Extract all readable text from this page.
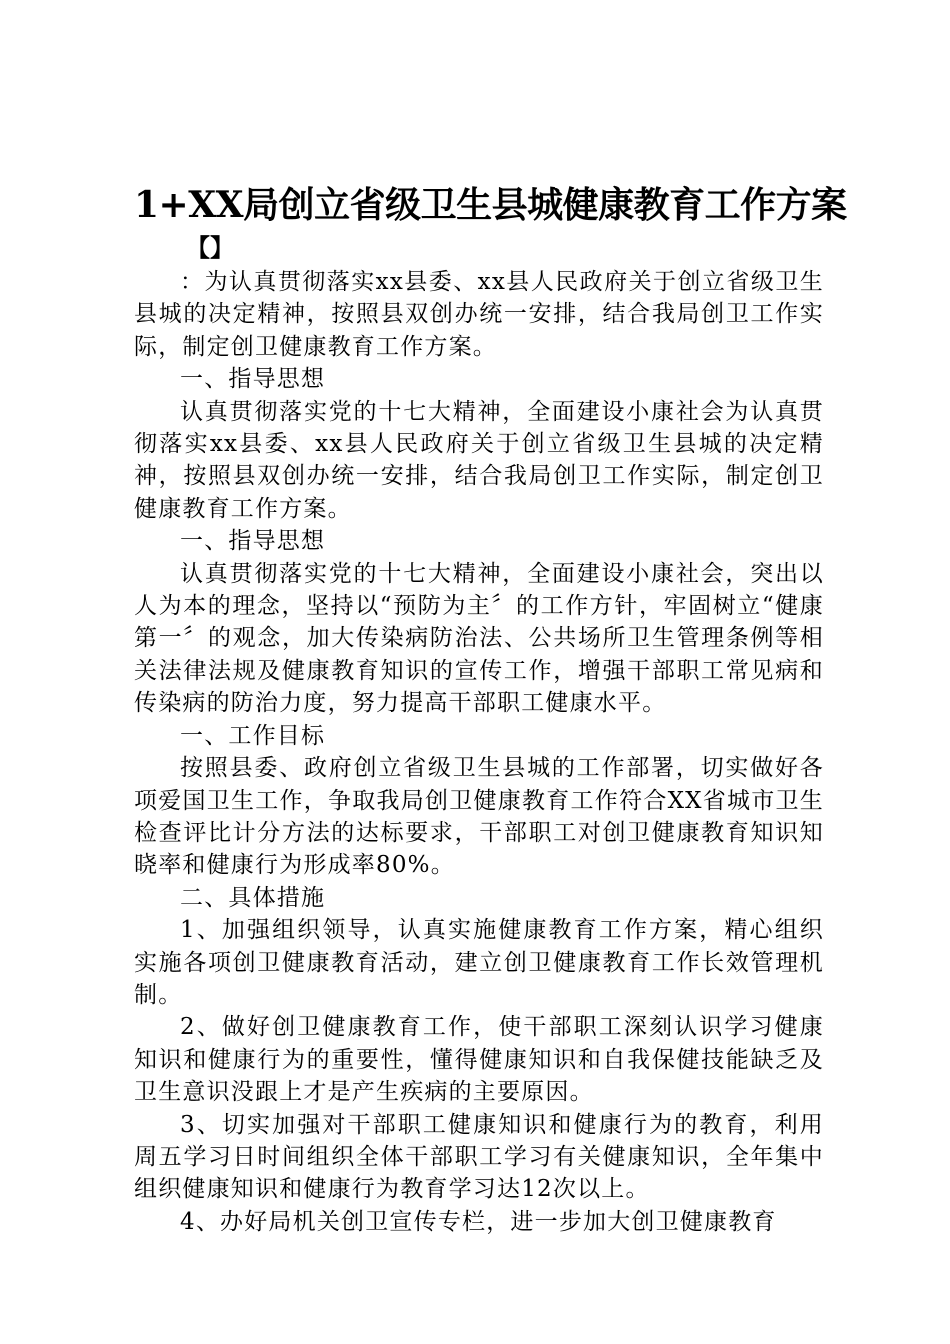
1+XX局创立省级卫生县城健康教育工作方案
【】

：为认真贯彻落实xx县委、xx县人民政府关于创立省级卫生县城的决定精神，按照县双创办统一安排，结合我局创卫工作实际，制定创卫健康教育工作方案。

一、指导思想

认真贯彻落实党的十七大精神，全面建设小康社会为认真贯彻落实xx县委、xx县人民政府关于创立省级卫生县城的决定精神，按照县双创办统一安排，结合我局创卫工作实际，制定创卫健康教育工作方案。

一、指导思想

认真贯彻落实党的十七大精神，全面建设小康社会，突出以人为本的理念，坚持以“预防为主〞的工作方针，牢固树立“健康第一〞的观念，加大传染病防治法、公共场所卫生管理条例等相关法律法规及健康教育知识的宣传工作，增强干部职工常见病和传染病的防治力度，努力提高干部职工健康水平。

一、工作目标

按照县委、政府创立省级卫生县城的工作部署，切实做好各项爱国卫生工作，争取我局创卫健康教育工作符合XX省城市卫生检查评比计分方法的达标要求，干部职工对创卫健康教育知识知晓率和健康行为形成率80%。

二、具体措施

1、加强组织领导，认真实施健康教育工作方案，精心组织实施各项创卫健康教育活动，建立创卫健康教育工作长效管理机制。

2、做好创卫健康教育工作，使干部职工深刻认识学习健康知识和健康行为的重要性，懂得健康知识和自我保健技能缺乏及卫生意识没跟上才是产生疾病的主要原因。

3、切实加强对干部职工健康知识和健康行为的教育，利用周五学习日时间组织全体干部职工学习有关健康知识，全年集中组织健康知识和健康行为教育学习达12次以上。

4、办好局机关创卫宣传专栏，进一步加大创卫健康教育
